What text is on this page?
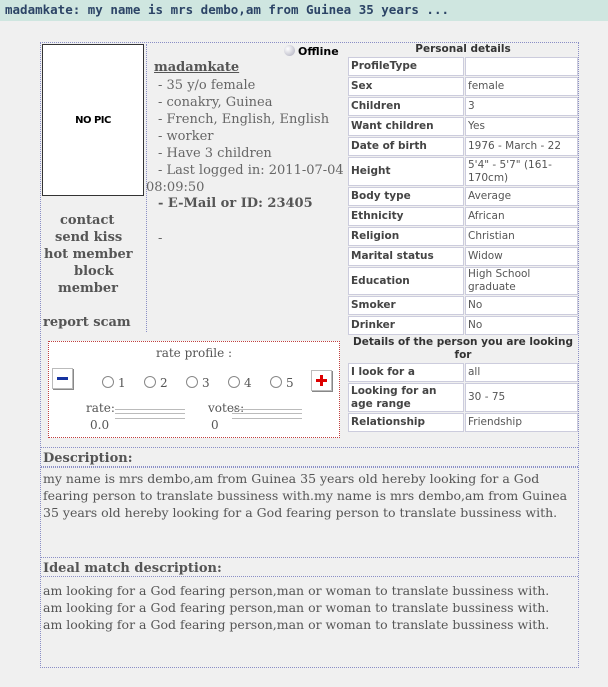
madamkate: my name is mrs dembo,am from Guinea 35 years ...
NO PIC
Offline
madamkate
- 35 y/o female
- conakry, Guinea
- French, English, English
- worker
- Have 3 children
- Last logged in: 2011-07-04
08:09:50
- E-Mail or ID: 23405
-
contact
send kiss
hot member
block
member
report scam
rate profile :
1	2	3	4	5
rate:
0.0
votes:
0
Personal details	
ProfileType	
Sex	female
Children	3
Want children	Yes
Date of birth	1976 - March - 22
Height	5'4" - 5'7" (161-170cm)
Body type	Average
Ethnicity	African
Religion	Christian
Marital status	Widow
Education	High School graduate
Smoker	No
Drinker	No
Details of the person you are looking for	
I look for a	all
Looking for an age range	30 - 75
Relationship	Friendship
Description:
my name is mrs dembo,am from Guinea 35 years old hereby looking for a God fearing person to translate bussiness with.my name is mrs dembo,am from Guinea 35 years old hereby looking for a God fearing person to translate bussiness with.
Ideal match description:
am looking for a God fearing person,man or woman to translate bussiness with.
am looking for a God fearing person,man or woman to translate bussiness with.
am looking for a God fearing person,man or woman to translate bussiness with.
